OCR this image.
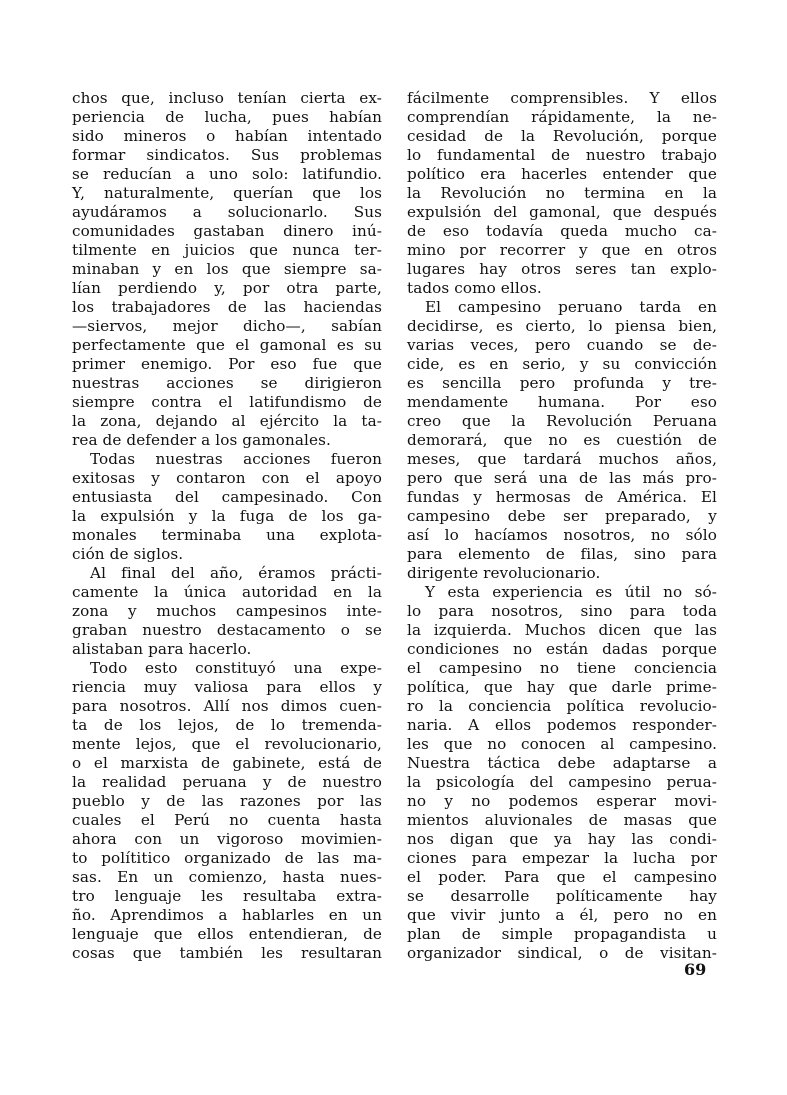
chos que, incluso tenían cierta ex-
periencia de lucha, pues habían
sido mineros o habían intentado
formar sindicatos. Sus problemas
se reducían a uno solo: latifundio.
Y, naturalmente, querían que los
ayudáramos a solucionarlo. Sus
comunidades gastaban dinero inú-
tilmente en juicios que nunca ter-
minaban y en los que siempre sa-
lían perdiendo y, por otra parte,
los trabajadores de las haciendas
—siervos, mejor dicho—, sabían
perfectamente que el gamonal es su
primer enemigo. Por eso fue que
nuestras acciones se dirigieron
siempre contra el latifundismo de
la zona, dejando al ejército la ta-
rea de defender a los gamonales.
Todas nuestras acciones fueron
exitosas y contaron con el apoyo
entusiasta del campesinado. Con
la expulsión y la fuga de los ga-
monales terminaba una explota-
ción de siglos.
Al final del año, éramos prácti-
camente la única autoridad en la
zona y muchos campesinos inte-
graban nuestro destacamento o se
alistaban para hacerlo.
Todo esto constituyó una expe-
riencia muy valiosa para ellos y
para nosotros. Allí nos dimos cuen-
ta de los lejos, de lo tremenda-
mente lejos, que el revolucionario,
o el marxista de gabinete, está de
la realidad peruana y de nuestro
pueblo y de las razones por las
cuales el Perú no cuenta hasta
ahora con un vigoroso movimien-
to polítitico organizado de las ma-
sas. En un comienzo, hasta nues-
tro lenguaje les resultaba extra-
ño. Aprendimos a hablarles en un
lenguaje que ellos entendieran, de
cosas que también les resultaran
fácilmente comprensibles. Y ellos
comprendían rápidamente, la ne-
cesidad de la Revolución, porque
lo fundamental de nuestro trabajo
político era hacerles entender que
la Revolución no termina en la
expulsión del gamonal, que después
de eso todavía queda mucho ca-
mino por recorrer y que en otros
lugares hay otros seres tan explo-
tados como ellos.
El campesino peruano tarda en
decidirse, es cierto, lo piensa bien,
varias veces, pero cuando se de-
cide, es en serio, y su convicción
es sencilla pero profunda y tre-
mendamente humana. Por eso
creo que la Revolución Peruana
demorará, que no es cuestión de
meses, que tardará muchos años,
pero que será una de las más pro-
fundas y hermosas de América. El
campesino debe ser preparado, y
así lo hacíamos nosotros, no sólo
para elemento de filas, sino para
dirigente revolucionario.
Y esta experiencia es útil no só-
lo para nosotros, sino para toda
la izquierda. Muchos dicen que las
condiciones no están dadas porque
el campesino no tiene conciencia
política, que hay que darle prime-
ro la conciencia política revolucio-
naria. A ellos podemos responder-
les que no conocen al campesino.
Nuestra táctica debe adaptarse a
la psicología del campesino perua-
no y no podemos esperar movi-
mientos aluvionales de masas que
nos digan que ya hay las condi-
ciones para empezar la lucha por
el poder. Para que el campesino
se desarrolle políticamente hay
que vivir junto a él, pero no en
plan de simple propagandista u
organizador sindical, o de visitan-
69
